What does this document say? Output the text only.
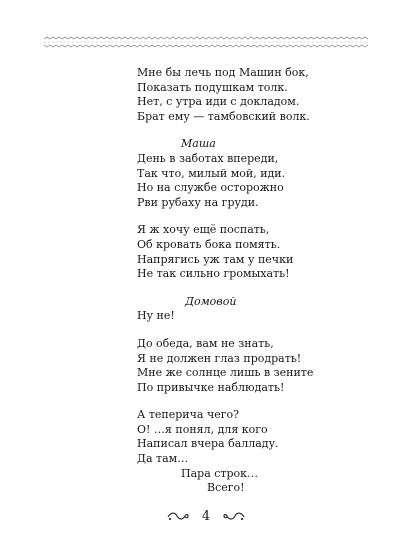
Мне бы лечь под Машин бок,
Показать подушкам толк.
Нет, с утра иди с докладом.
Брат ему — тамбовский волк.
Маша
День в заботах впереди,
Так что, милый мой, иди.
Но на службе осторожно
Рви рубаху на груди.
Я ж хочу ещё поспать,
Об кровать бока помять.
Напрягись уж там у печки
Не так сильно громыхать!
Домовой
Ну не!
До обеда, вам не знать,
Я не должен глаз продрать!
Мне же солнце лишь в зените
По привычке наблюдать!
А теперича чего?
О! …я понял, для кого
Написал вчера балладу.
Да там…
Пара строк…
Всего!
4
